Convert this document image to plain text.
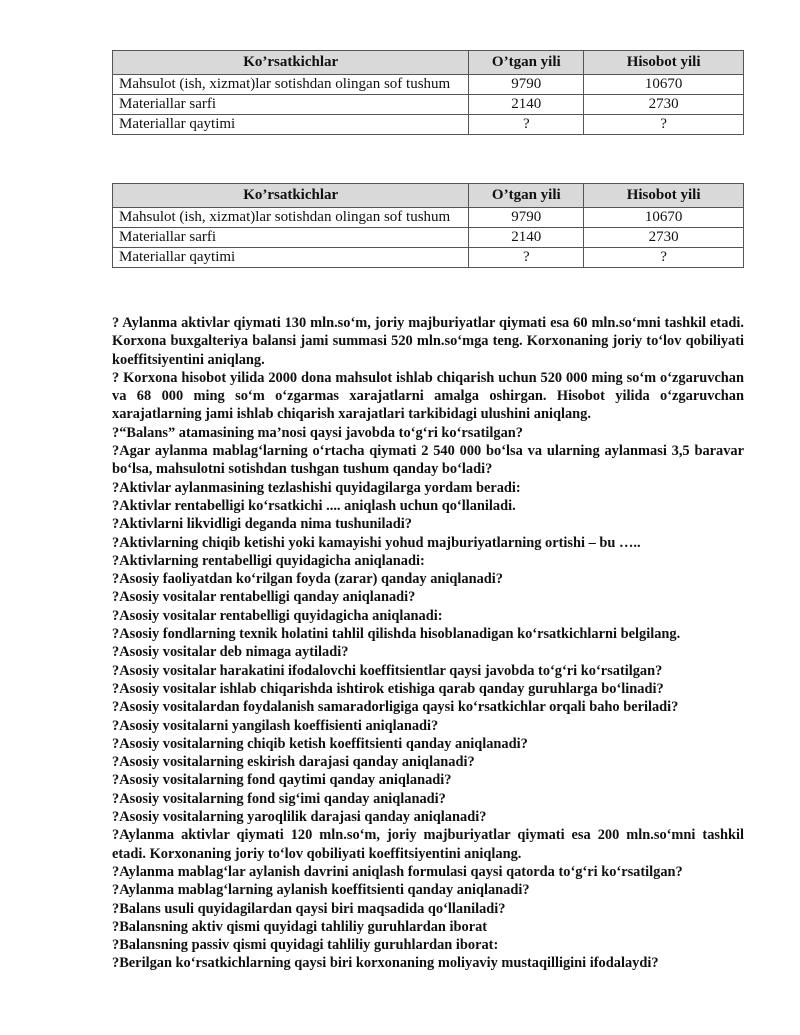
Ko’rsatkichlar	O’tgan yili	Hisobot yili
Mahsulot (ish, xizmat)lar sotishdan olingan sof tushum	9790	10670
Materiallar sarfi	2140	2730
Materiallar qaytimi	?	?
Ko’rsatkichlar	O’tgan yili	Hisobot yili
Mahsulot (ish, xizmat)lar sotishdan olingan sof tushum	9790	10670
Materiallar sarfi	2140	2730
Materiallar qaytimi	?	?

? Aylanma aktivlar qiymati 130 mln.so‘m, joriy majburiyatlar qiymati esa 60 mln.so‘mni tashkil etadi. Korxona buxgalteriya balansi jami summasi 520 mln.so‘mga teng. Korxonaning joriy to‘lov qobiliyati koeffitsiyentini aniqlang.

? Korxona hisobot yilida 2000 dona mahsulot ishlab chiqarish uchun 520 000 ming so‘m o‘zgaruvchan va 68 000 ming so‘m o‘zgarmas xarajatlarni amalga oshirgan. Hisobot yilida o‘zgaruvchan xarajatlarning jami ishlab chiqarish xarajatlari tarkibidagi ulushini aniqlang.

?“Balans” atamasining ma’nosi qaysi javobda to‘g‘ri ko‘rsatilgan?

?Agar aylanma mablag‘larning o‘rtacha qiymati 2 540 000 bo‘lsa va ularning aylanmasi 3,5 baravar bo‘lsa, mahsulotni sotishdan tushgan tushum qanday bo‘ladi?

?Aktivlar aylanmasining tezlashishi quyidagilarga yordam beradi:

?Aktivlar rentabelligi ko‘rsatkichi .... aniqlash uchun qo‘llaniladi.

?Aktivlarni likvidligi deganda nima tushuniladi?

?Aktivlarning chiqib ketishi yoki kamayishi yohud majburiyatlarning ortishi – bu …..

?Aktivlarning rentabelligi quyidagicha aniqlanadi:

?Asosiy faoliyatdan ko‘rilgan foyda (zarar) qanday aniqlanadi?

?Asosiy vositalar rentabelligi qanday aniqlanadi?

?Asosiy vositalar rentabelligi quyidagicha aniqlanadi:

?Asosiy fondlarning texnik holatini tahlil qilishda hisoblanadigan ko‘rsatkichlarni belgilang.

?Asosiy vositalar deb nimaga aytiladi?

?Asosiy vositalar harakatini ifodalovchi koeffitsientlar qaysi javobda to‘g‘ri ko‘rsatilgan?

?Asosiy vositalar ishlab chiqarishda ishtirok etishiga qarab qanday guruhlarga bo‘linadi?

?Asosiy vositalardan foydalanish samaradorligiga qaysi ko‘rsatkichlar orqali baho beriladi?

?Asosiy vositalarni yangilash koeffisienti aniqlanadi?

?Asosiy vositalarning chiqib ketish koeffitsienti qanday aniqlanadi?

?Asosiy vositalarning eskirish darajasi qanday aniqlanadi?

?Asosiy vositalarning fond qaytimi qanday aniqlanadi?

?Asosiy vositalarning fond sig‘imi qanday aniqlanadi?

?Asosiy vositalarning yaroqlilik darajasi qanday aniqlanadi?

?Aylanma aktivlar qiymati 120 mln.so‘m, joriy majburiyatlar qiymati esa 200 mln.so‘mni tashkil etadi. Korxonaning joriy to‘lov qobiliyati koeffitsiyentini aniqlang.

?Aylanma mablag‘lar aylanish davrini aniqlash formulasi qaysi qatorda to‘g‘ri ko‘rsatilgan?

?Aylanma mablag‘larning aylanish koeffitsienti qanday aniqlanadi?

?Balans usuli quyidagilardan qaysi biri maqsadida qo‘llaniladi?

?Balansning aktiv qismi quyidagi tahliliy guruhlardan iborat

?Balansning passiv qismi quyidagi tahliliy guruhlardan iborat:

?Berilgan ko‘rsatkichlarning qaysi biri korxonaning moliyaviy mustaqilligini ifodalaydi?
